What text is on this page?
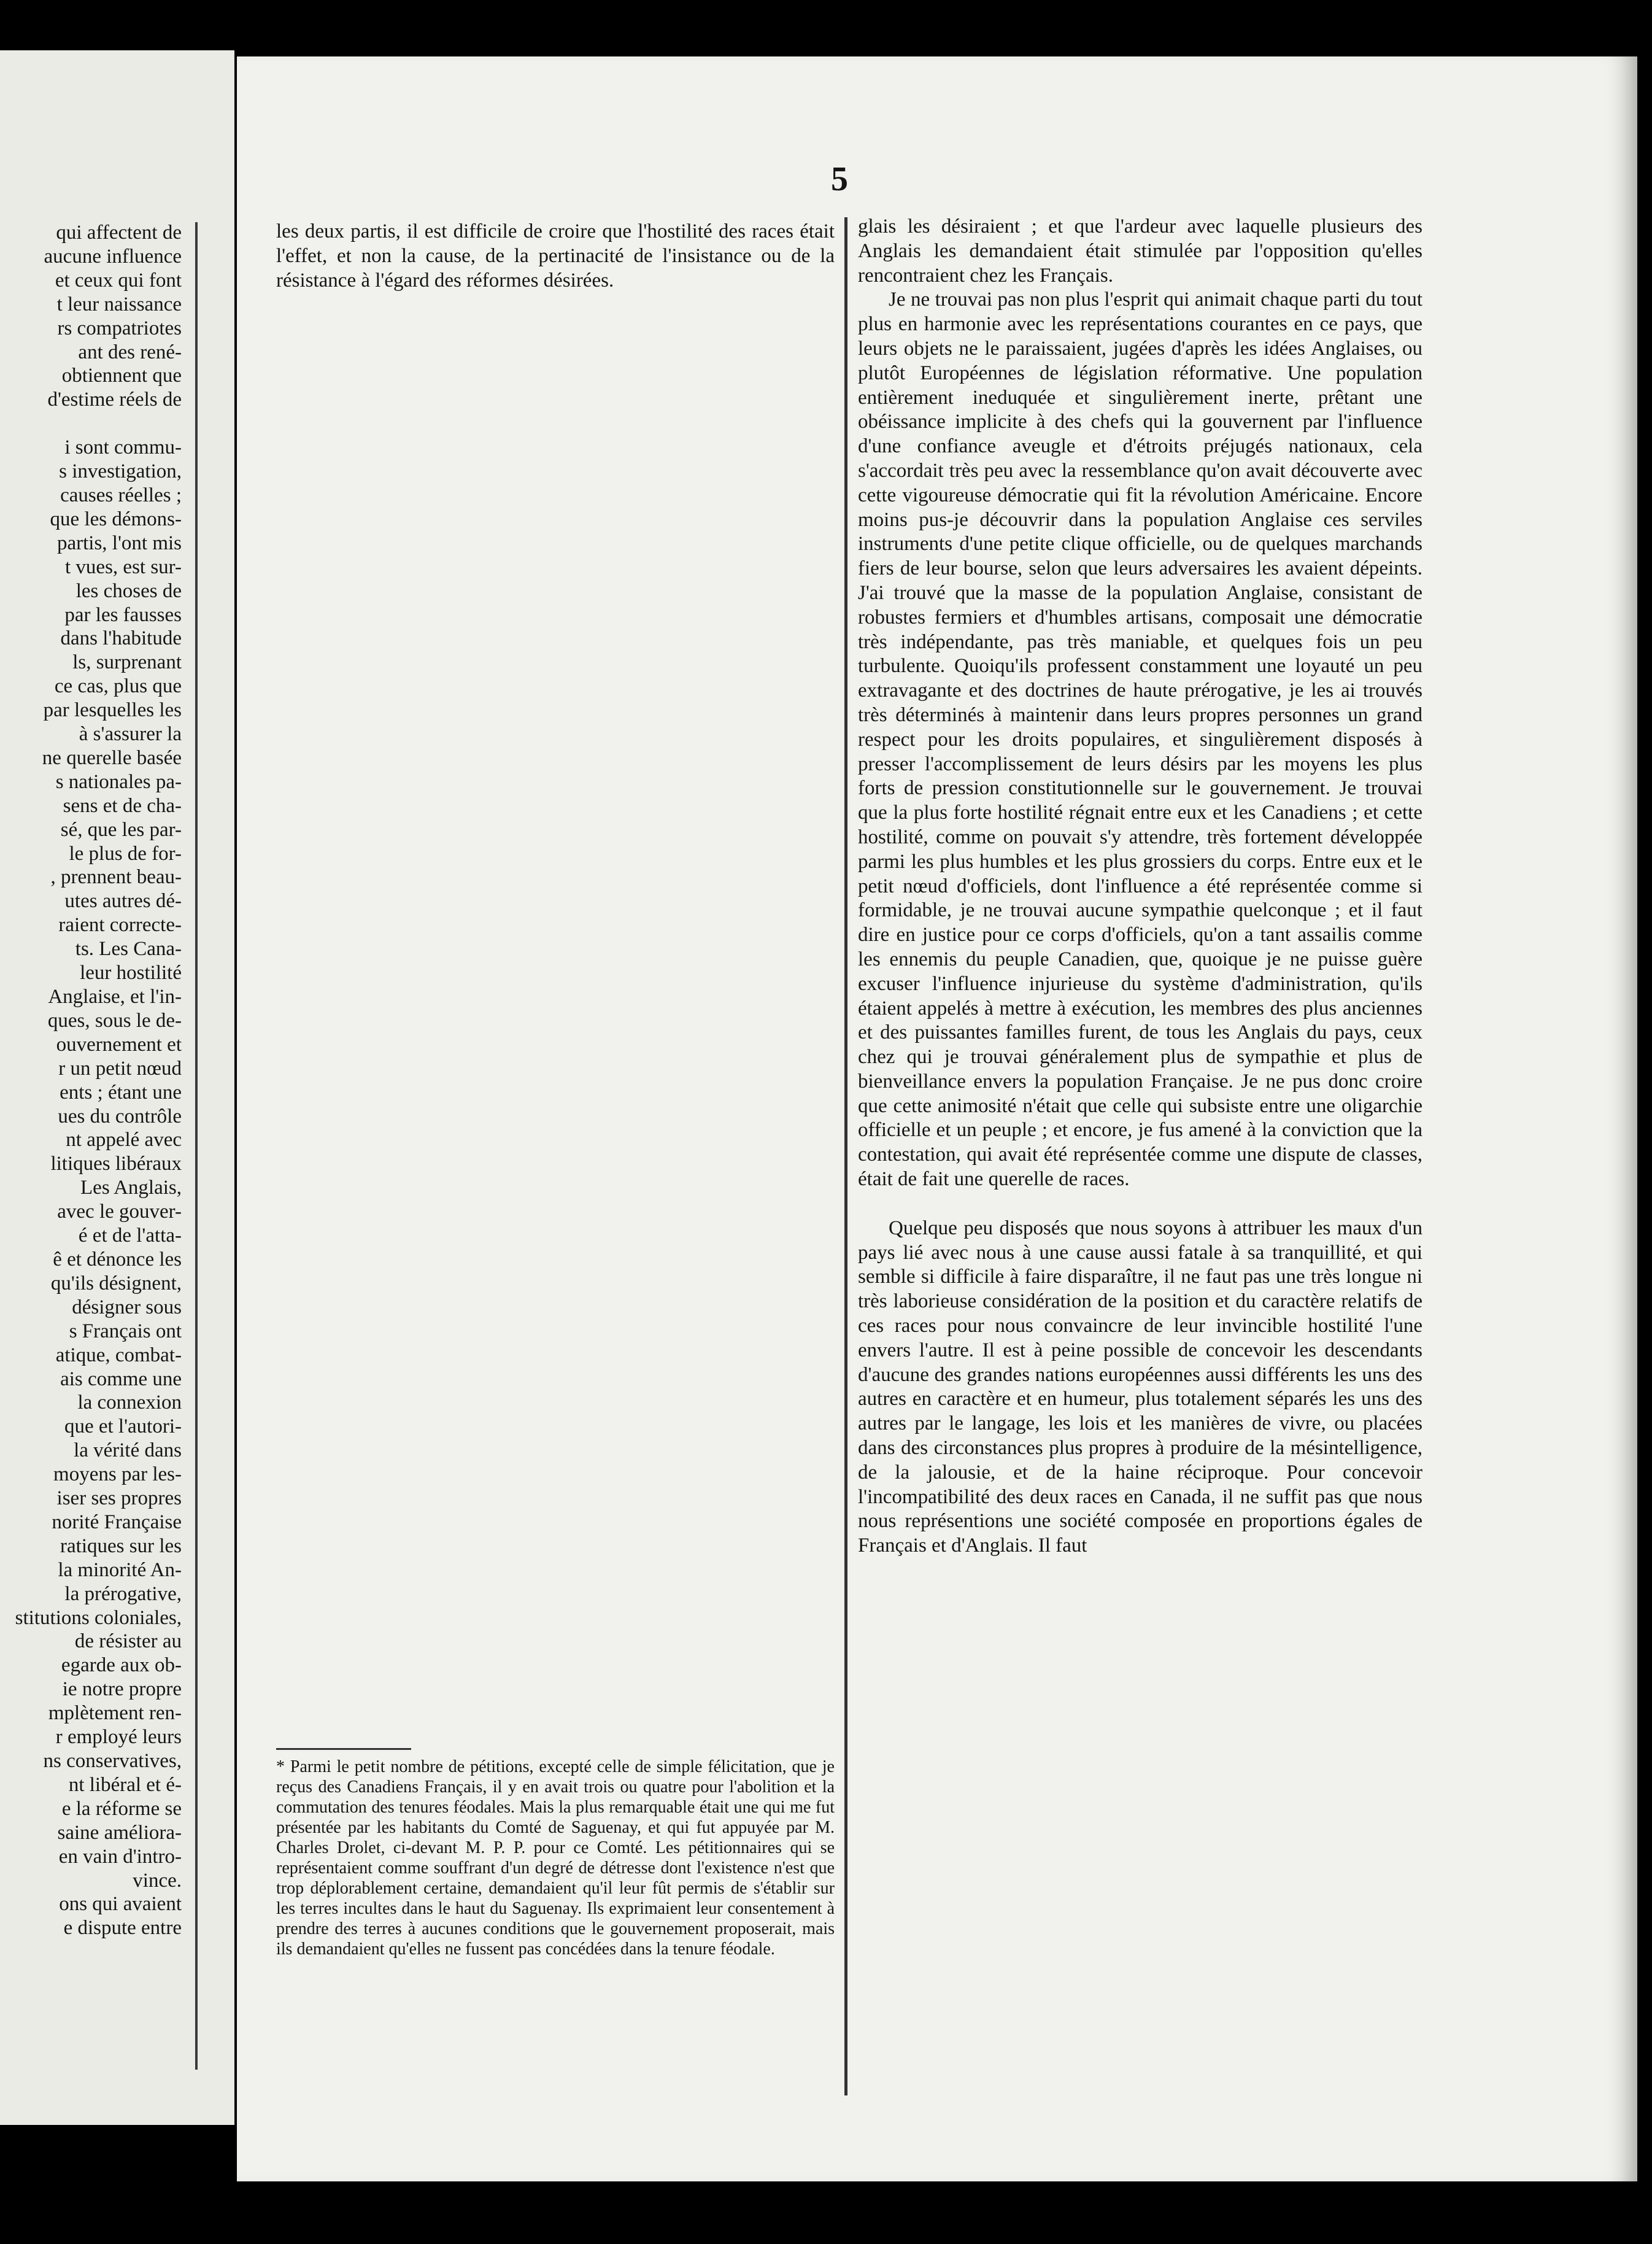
qui affectent de
aucune influence
et ceux qui font
t leur naissance
rs compatriotes
ant des rené-
obtiennent que
d'estime réels de

i sont commu-
s investigation,
causes réelles ;
que les démons-
partis, l'ont mis
t vues, est sur-
les choses de
par les fausses
dans l'habitude
ls, surprenant
ce cas, plus que
par lesquelles les
à s'assurer la
ne querelle basée
s nationales pa-
sens et de cha-
sé, que les par-
le plus de for-
, prennent beau-
utes autres dé-
raient correcte-
ts. Les Cana-
leur hostilité
Anglaise, et l'in-
ques, sous le de-
ouvernement et
r un petit nœud
ents ; étant une
ues du contrôle
nt appelé avec
litiques libéraux
Les Anglais,
avec le gouver-
é et de l'atta-
ê et dénonce les
qu'ils désignent,
désigner sous
s Français ont
atique, combat-
ais comme une
la connexion
que et l'autori-
la vérité dans
moyens par les-
iser ses propres
norité Française
ratiques sur les
la minorité An-
la prérogative,
stitutions coloniales,
de résister au
egarde aux ob-
ie notre propre
mplètement ren-
r employé leurs
ns conservatives,
nt libéral et é-
e la réforme se
saine améliora-
en vain d'intro-
vince.
ons qui avaient
e dispute entre
5

les deux partis, il est difficile de croire que l'hostilité des races était l'effet, et non la cause, de la pertinacité de l'insistance ou de la résistance à l'égard des réformes désirées.

* Parmi le petit nombre de pétitions, excepté celle de simple félicitation, que je reçus des Canadiens Français, il y en avait trois ou quatre pour l'abolition et la commutation des tenures féodales. Mais la plus remarquable était une qui me fut présentée par les habitants du Comté de Saguenay, et qui fut appuyée par M. Charles Drolet, ci-devant M. P. P. pour ce Comté. Les pétitionnaires qui se représentaient comme souffrant d'un degré de détresse dont l'existence n'est que trop déplorablement certaine, demandaient qu'il leur fût permis de s'établir sur les terres incultes dans le haut du Saguenay. Ils exprimaient leur consentement à prendre des terres à aucunes conditions que le gouvernement proposerait, mais ils demandaient qu'elles ne fussent pas concédées dans la tenure féodale.

glais les désiraient ; et que l'ardeur avec laquelle plusieurs des Anglais les demandaient était stimulée par l'opposition qu'elles rencontraient chez les Français.

Je ne trouvai pas non plus l'esprit qui animait chaque parti du tout plus en harmonie avec les représentations courantes en ce pays, que leurs objets ne le paraissaient, jugées d'après les idées Anglaises, ou plutôt Européennes de législation réformative. Une population entièrement ineduquée et singulièrement inerte, prêtant une obéissance implicite à des chefs qui la gouvernent par l'influence d'une confiance aveugle et d'étroits préjugés nationaux, cela s'accordait très peu avec la ressemblance qu'on avait découverte avec cette vigoureuse démocratie qui fit la révolution Américaine. Encore moins pus-je découvrir dans la population Anglaise ces serviles instruments d'une petite clique officielle, ou de quelques marchands fiers de leur bourse, selon que leurs adversaires les avaient dépeints. J'ai trouvé que la masse de la population Anglaise, consistant de robustes fermiers et d'humbles artisans, composait une démocratie très indépendante, pas très maniable, et quelques fois un peu turbulente. Quoiqu'ils professent constamment une loyauté un peu extravagante et des doctrines de haute prérogative, je les ai trouvés très déterminés à maintenir dans leurs propres personnes un grand respect pour les droits populaires, et singulièrement disposés à presser l'accomplissement de leurs désirs par les moyens les plus forts de pression constitutionnelle sur le gouvernement. Je trouvai que la plus forte hostilité régnait entre eux et les Canadiens ; et cette hostilité, comme on pouvait s'y attendre, très fortement développée parmi les plus humbles et les plus grossiers du corps. Entre eux et le petit nœud d'officiels, dont l'influence a été représentée comme si formidable, je ne trouvai aucune sympathie quelconque ; et il faut dire en justice pour ce corps d'officiels, qu'on a tant assailis comme les ennemis du peuple Canadien, que, quoique je ne puisse guère excuser l'influence injurieuse du système d'administration, qu'ils étaient appelés à mettre à exécution, les membres des plus anciennes et des puissantes familles furent, de tous les Anglais du pays, ceux chez qui je trouvai généralement plus de sympathie et plus de bienveillance envers la population Française. Je ne pus donc croire que cette animosité n'était que celle qui subsiste entre une oligarchie officielle et un peuple ; et encore, je fus amené à la conviction que la contestation, qui avait été représentée comme une dispute de classes, était de fait une querelle de races.

Quelque peu disposés que nous soyons à attribuer les maux d'un pays lié avec nous à une cause aussi fatale à sa tranquillité, et qui semble si difficile à faire disparaître, il ne faut pas une très longue ni très laborieuse considération de la position et du caractère relatifs de ces races pour nous convaincre de leur invincible hostilité l'une envers l'autre. Il est à peine possible de concevoir les descendants d'aucune des grandes nations européennes aussi différents les uns des autres en caractère et en humeur, plus totalement séparés les uns des autres par le langage, les lois et les manières de vivre, ou placées dans des circonstances plus propres à produire de la mésintelligence, de la jalousie, et de la haine réciproque. Pour concevoir l'incompatibilité des deux races en Canada, il ne suffit pas que nous nous représentions une société composée en proportions égales de Français et d'Anglais. Il faut
